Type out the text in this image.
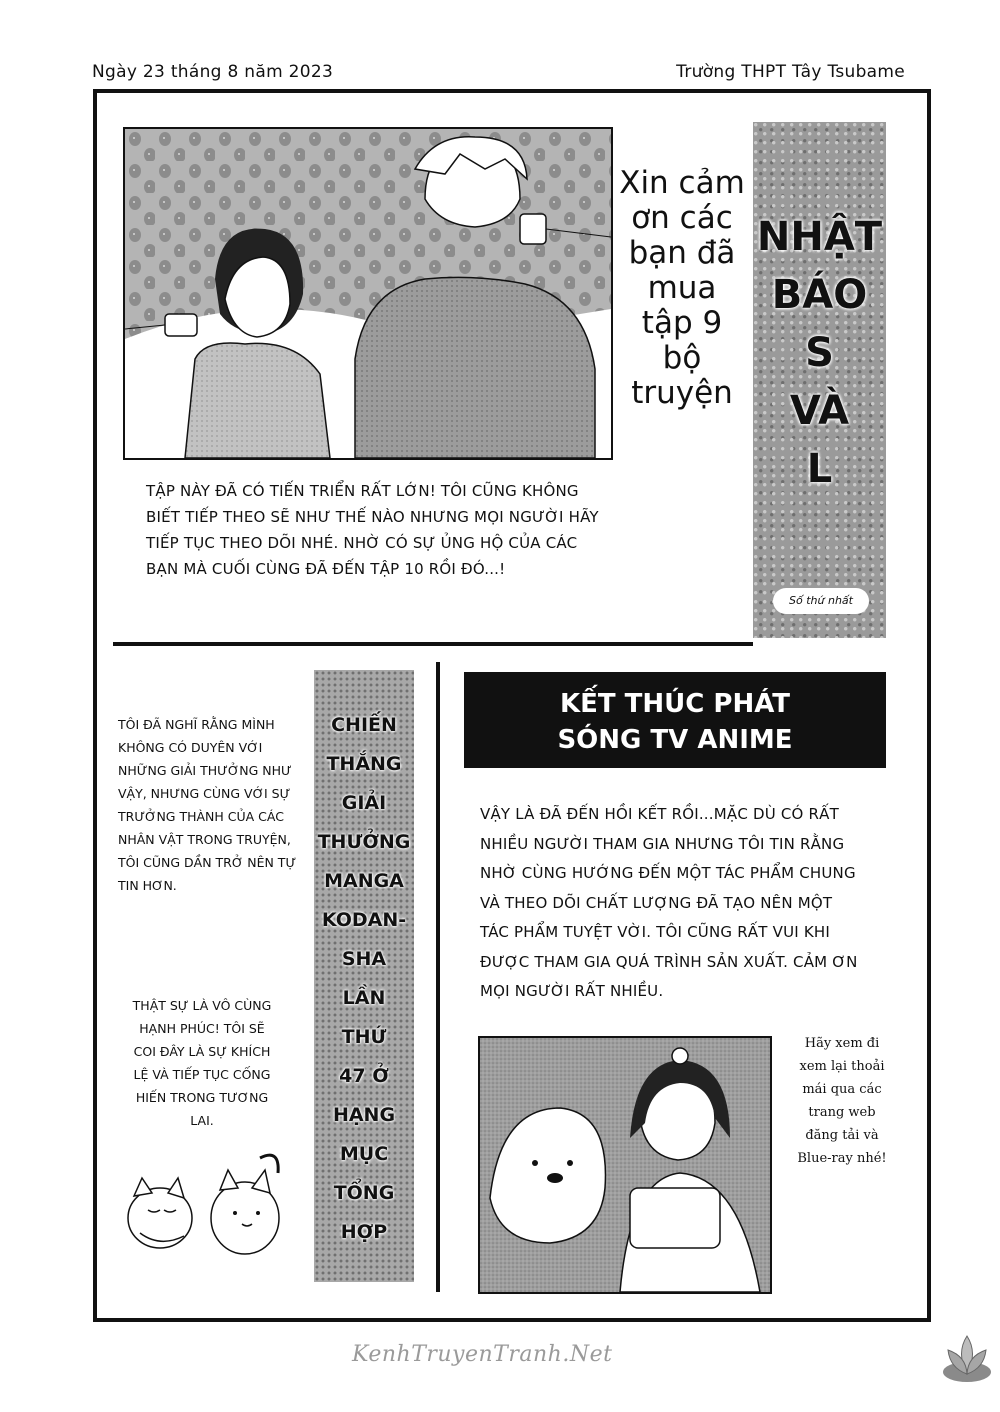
Ngày 23 tháng 8 năm 2023	Trường THPT Tây Tsubame
Xin cảm ơn các bạn đã mua tập 9 bộ truyện
TẬP NÀY ĐÃ CÓ TIẾN TRIỂN RẤT LỚN! TÔI CŨNG KHÔNG BIẾT TIẾP THEO SẼ NHƯ THẾ NÀO NHƯNG MỌI NGƯỜI HÃY TIẾP TỤC THEO DÕI NHÉ. NHỜ CÓ SỰ ỦNG HỘ CỦA CÁC BẠN MÀ CUỐI CÙNG ĐÃ ĐẾN TẬP 10 RỒI ĐÓ...!
NHẬT
BÁO
S
VÀ
L
Số thứ nhất
TÔI ĐÃ NGHĨ RẰNG MÌNH KHÔNG CÓ DUYÊN VỚI NHỮNG GIẢI THƯỞNG NHƯ VẬY, NHƯNG CÙNG VỚI SỰ TRƯỞNG THÀNH CỦA CÁC NHÂN VẬT TRONG TRUYỆN, TÔI CŨNG DẦN TRỞ NÊN TỰ TIN HƠN.
THẬT SỰ LÀ VÔ CÙNG HẠNH PHÚC! TÔI SẼ COI ĐÂY LÀ SỰ KHÍCH LỆ VÀ TIẾP TỤC CỐNG HIẾN TRONG TƯƠNG LAI.
CHIẾN
THẮNG
GIẢI
THƯỞNG
MANGA
KODAN-
SHA
LẦN
THỨ
47 Ở
HẠNG
MỤC
TỔNG
HỢP
KẾT THÚC PHÁT
SÓNG TV ANIME
VẬY LÀ ĐÃ ĐẾN HỒI KẾT RỒI...MẶC DÙ CÓ RẤT NHIỀU NGƯỜI THAM GIA NHƯNG TÔI TIN RẰNG NHỜ CÙNG HƯỚNG ĐẾN MỘT TÁC PHẨM CHUNG VÀ THEO DÕI CHẤT LƯỢNG ĐÃ TẠO NÊN MỘT TÁC PHẨM TUYỆT VỜI. TÔI CŨNG RẤT VUI KHI ĐƯỢC THAM GIA QUÁ TRÌNH SẢN XUẤT. CẢM ƠN MỌI NGƯỜI RẤT NHIỀU.
Hãy xem đi xem lại thoải mái qua các trang web đăng tải và Blue-ray nhé!
KenhTruyenTranh.Net
